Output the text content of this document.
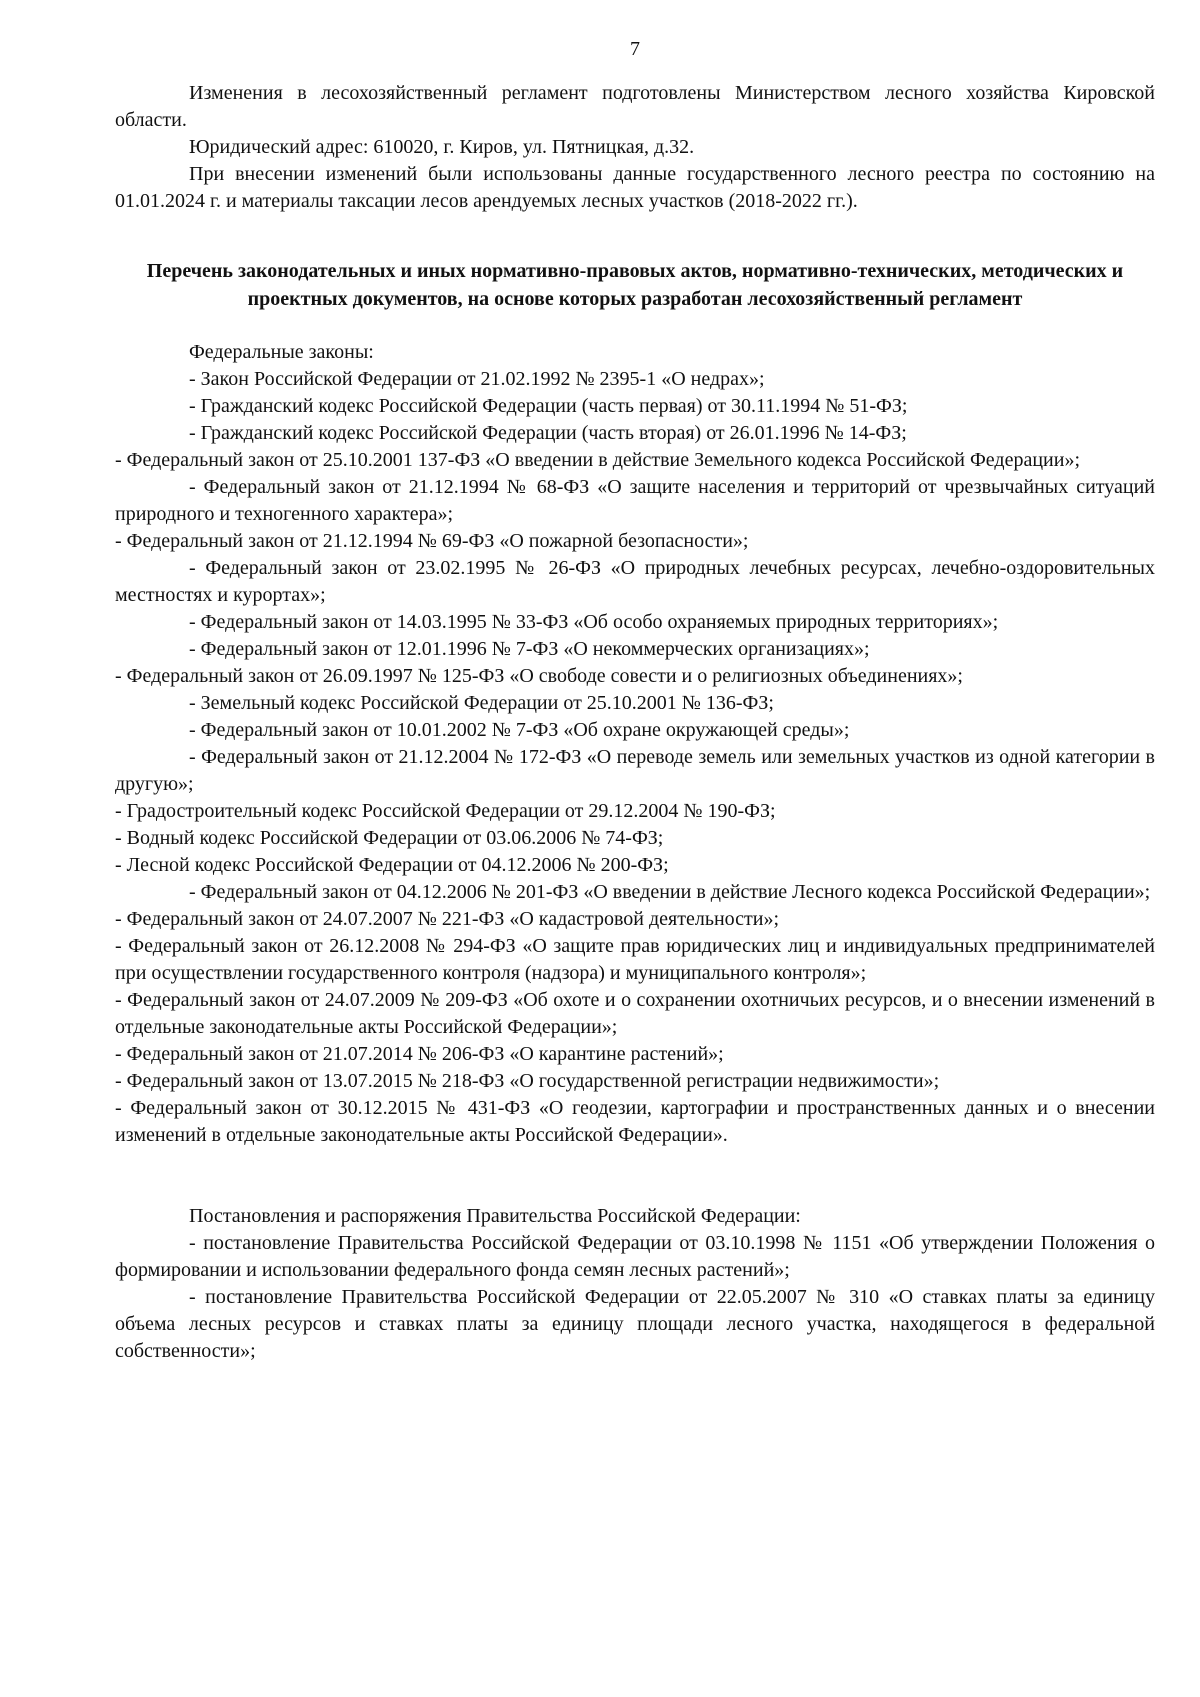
7

Изменения в лесохозяйственный регламент подготовлены Министерством лесного хозяйства Кировской области.

Юридический адрес: 610020, г. Киров, ул. Пятницкая, д.32.

При внесении изменений были использованы данные государственного лесного реестра по состоянию на 01.01.2024 г. и материалы таксации лесов арендуемых лесных участков (2018-2022 гг.).

Перечень законодательных и иных нормативно-правовых актов, нормативно-технических, методических и проектных документов, на основе которых разработан лесохозяйственный регламент

Федеральные законы:

- Закон Российской Федерации от 21.02.1992 № 2395-1 «О недрах»;

- Гражданский кодекс Российской Федерации (часть первая) от 30.11.1994 № 51-ФЗ;

- Гражданский кодекс Российской Федерации (часть вторая) от 26.01.1996 № 14-ФЗ;

- Федеральный закон от 25.10.2001 137-ФЗ «О введении в действие Земельного кодекса Российской Федерации»;

- Федеральный закон от 21.12.1994 № 68-ФЗ «О защите населения и территорий от чрезвычайных ситуаций природного и техногенного характера»;

- Федеральный закон от 21.12.1994 № 69-ФЗ «О пожарной безопасности»;

- Федеральный закон от 23.02.1995 № 26-ФЗ «О природных лечебных ресурсах, лечебно-оздоровительных местностях и курортах»;

- Федеральный закон от 14.03.1995 № 33-ФЗ «Об особо охраняемых природных территориях»;

- Федеральный закон от 12.01.1996 № 7-ФЗ «О некоммерческих организациях»;

- Федеральный закон от 26.09.1997 № 125-ФЗ «О свободе совести и о религиозных объединениях»;

- Земельный кодекс Российской Федерации от 25.10.2001 № 136-ФЗ;

- Федеральный закон от 10.01.2002 № 7-ФЗ «Об охране окружающей среды»;

- Федеральный закон от 21.12.2004 № 172-ФЗ «О переводе земель или земельных участков из одной категории в другую»;

- Градостроительный кодекс Российской Федерации от 29.12.2004 № 190-ФЗ;

- Водный кодекс Российской Федерации от 03.06.2006 № 74-ФЗ;

- Лесной кодекс Российской Федерации от 04.12.2006 № 200-ФЗ;

- Федеральный закон от 04.12.2006 № 201-ФЗ «О введении в действие Лесного кодекса Российской Федерации»;

- Федеральный закон от 24.07.2007 № 221-ФЗ «О кадастровой деятельности»;

- Федеральный закон от 26.12.2008 № 294-ФЗ «О защите прав юридических лиц и индивидуальных предпринимателей при осуществлении государственного контроля (надзора) и муниципального контроля»;

- Федеральный закон от 24.07.2009 № 209-ФЗ «Об охоте и о сохранении охотничьих ресурсов, и о внесении изменений в отдельные законодательные акты Российской Федерации»;

- Федеральный закон от 21.07.2014 № 206-ФЗ «О карантине растений»;

- Федеральный закон от 13.07.2015 № 218-ФЗ «О государственной регистрации недвижимости»;

- Федеральный закон от 30.12.2015 № 431-ФЗ «О геодезии, картографии и пространственных данных и о внесении изменений в отдельные законодательные акты Российской Федерации».

Постановления и распоряжения Правительства Российской Федерации:

- постановление Правительства Российской Федерации от 03.10.1998 № 1151 «Об утверждении Положения о формировании и использовании федерального фонда семян лесных растений»;

- постановление Правительства Российской Федерации от 22.05.2007 № 310 «О ставках платы за единицу объема лесных ресурсов и ставках платы за единицу площади лесного участка, находящегося в федеральной собственности»;
